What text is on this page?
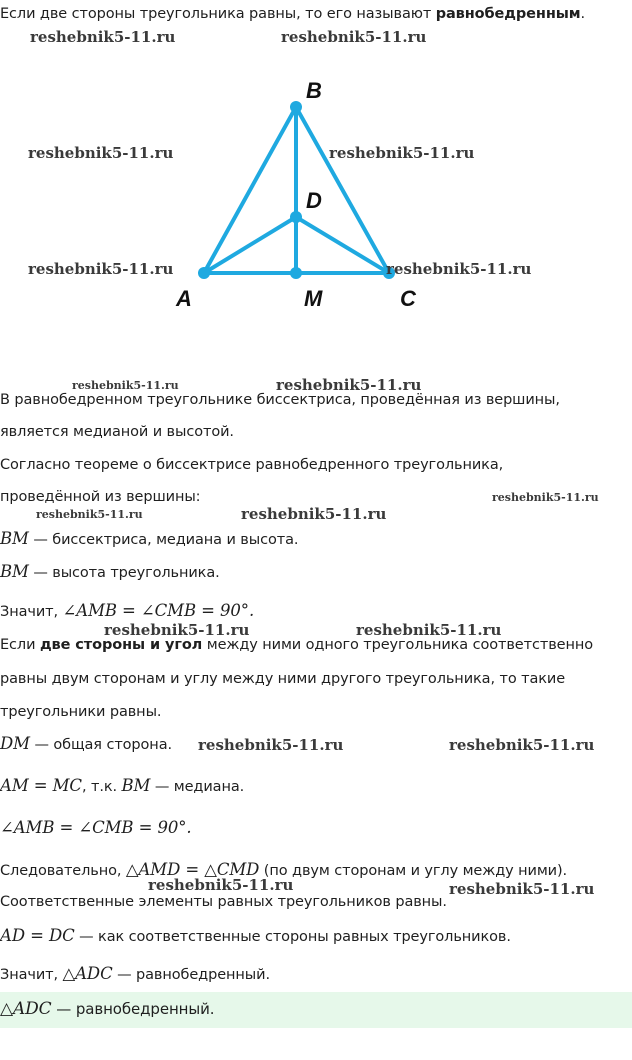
Если две стороны треугольника равны, то его называют равнобедренным.
B
D
A	M	C
В равнобедренном треугольнике биссектриса, проведённая из вершины,
является медианой и высотой.
Согласно теореме о биссектрисе равнобедренного треугольника,
проведённой из вершины:
BM — биссектриса, медиана и высота.
BM — высота треугольника.
Значит, ∠AMB = ∠CMB = 90°.
Если две стороны и угол между ними одного треугольника соответственно
равны двум сторонам и углу между ними другого треугольника, то такие
треугольники равны.
DM — общая сторона.
AM = MC, т.к. BM — медиана.
∠AMB = ∠CMB = 90°.
Следовательно, △AMD = △CMD (по двум сторонам и углу между ними).
Соответственные элементы равных треугольников равны.
AD = DC — как соответственные стороны равных треугольников.
Значит, △ADC — равнобедренный.
△ADC — равнобедренный.
reshebnik5-11.ru	reshebnik5-11.ru
reshebnik5-11.ru	reshebnik5-11.ru
reshebnik5-11.ru	reshebnik5-11.ru
reshebnik5-11.ru	reshebnik5-11.ru
reshebnik5-11.ru
reshebnik5-11.ru	reshebnik5-11.ru
reshebnik5-11.ru	reshebnik5-11.ru
reshebnik5-11.ru	reshebnik5-11.ru
reshebnik5-11.ru	reshebnik5-11.ru
